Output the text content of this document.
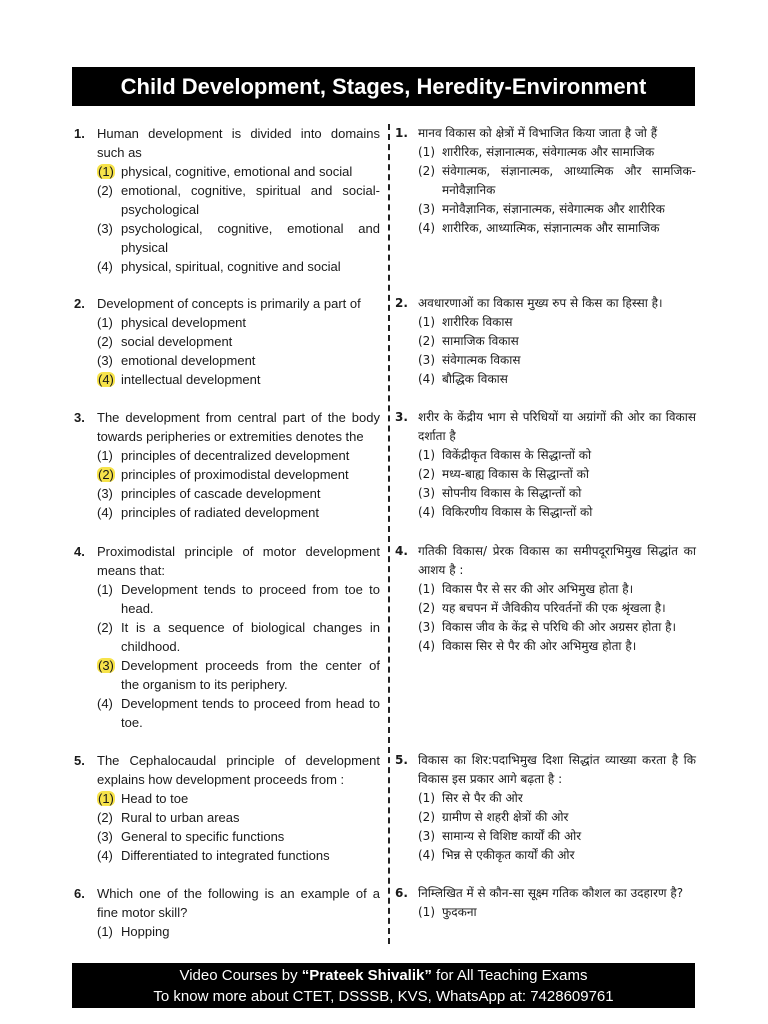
Child Development, Stages, Heredity-Environment
1. Human development is divided into domains such as
(1) physical, cognitive, emotional and social
(2) emotional, cognitive, spiritual and social-psychological
(3) psychological, cognitive, emotional and physical
(4) physical, spiritual, cognitive and social
2. Development of concepts is primarily a part of
(1) physical development
(2) social development
(3) emotional development
(4) intellectual development
3. The development from central part of the body towards peripheries or extremities denotes the
(1) principles of decentralized development
(2) principles of proximodistal development
(3) principles of cascade development
(4) principles of radiated development
4. Proximodistal principle of motor development means that:
(1) Development tends to proceed from toe to head.
(2) It is a sequence of biological changes in childhood.
(3) Development proceeds from the center of the organism to its periphery.
(4) Development tends to proceed from head to toe.
5. The Cephalocaudal principle of development explains how development proceeds from :
(1) Head to toe
(2) Rural to urban areas
(3) General to specific functions
(4) Differentiated to integrated functions
6. Which one of the following is an example of a fine motor skill?
(1) Hopping
1. मानव विकास को क्षेत्रों में विभाजित किया जाता है जो हैं
(1) शारीरिक, संज्ञानात्मक, संवेगात्मक और सामाजिक
(2) संवेगात्मक, संज्ञानात्मक, आध्यात्मिक और सामजिक-मनोवैज्ञानिक
(3) मनोवैज्ञानिक, संज्ञानात्मक, संवेगात्मक और शारीरिक
(4) शारीरिक, आध्यात्मिक, संज्ञानात्मक और सामाजिक
2. अवधारणाओं का विकास मुख्य रुप से किस का हिस्सा है।
(1) शारीरिक विकास
(2) सामाजिक विकास
(3) संवेगात्मक विकास
(4) बौद्धिक विकास
3. शरीर के केंद्रीय भाग से परिधियों या अग्रांगों की ओर का विकास दर्शाता है
(1) विकेंद्रीकृत विकास के सिद्धान्तों को
(2) मध्य-बाह्य विकास के सिद्धान्तों को
(3) सोपनीय विकास के सिद्धान्तों को
(4) विकिरणीय विकास के सिद्धान्तों को
4. गतिकी विकास/ प्रेरक विकास का समीपदूराभिमुख सिद्धांत का आशय है :
(1) विकास पैर से सर की ओर अभिमुख होता है।
(2) यह बचपन में जैविकीय परिवर्तनों की एक श्रृंखला है।
(3) विकास जीव के केंद्र से परिधि की ओर अग्रसर होता है।
(4) विकास सिर से पैर की ओर अभिमुख होता है।
5. विकास का शिर:पदाभिमुख दिशा सिद्धांत व्याख्या करता है कि विकास इस प्रकार आगे बढ़ता है :
(1) सिर से पैर की ओर
(2) ग्रामीण से शहरी क्षेत्रों की ओर
(3) सामान्य से विशिष्ट कार्यों की ओर
(4) भिन्न से एकीकृत कार्यों की ओर
6. निम्लिखित में से कौन-सा सूक्ष्म गतिक कौशल का उदहारण है?
(1) फुदकना
Video Courses by “Prateek Shivalik” for All Teaching Exams
To know more about CTET, DSSSB, KVS, WhatsApp at: 7428609761
